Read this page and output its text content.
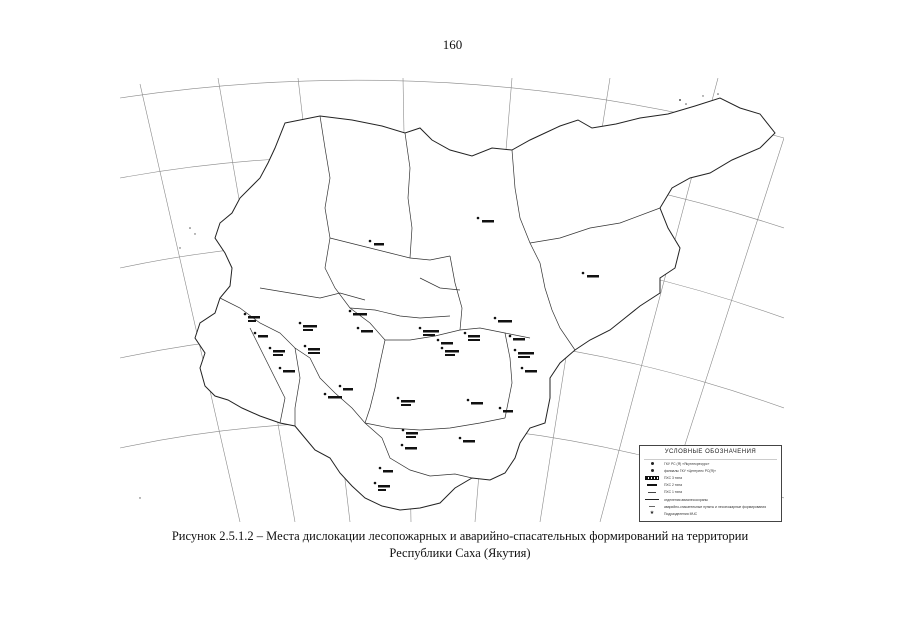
160
УСЛОВНЫЕ ОБОЗНАЧЕНИЯ
ГКУ РС (Я) «Якутлесресурс»
филиалы ГКУ «Центрлес РС(Я)»
ПХС 3 типа
ПХС 2 типа
ПХС 1 типа
отделения авиалесоохраны
аварийно-спасательные пункты и лесопожарные формирования
★	Подразделения МЧС
Рисунок 2.5.1.2 – Места дислокации лесопожарных и аварийно-спасательных формирований на территории
Республики Саха (Якутия)
